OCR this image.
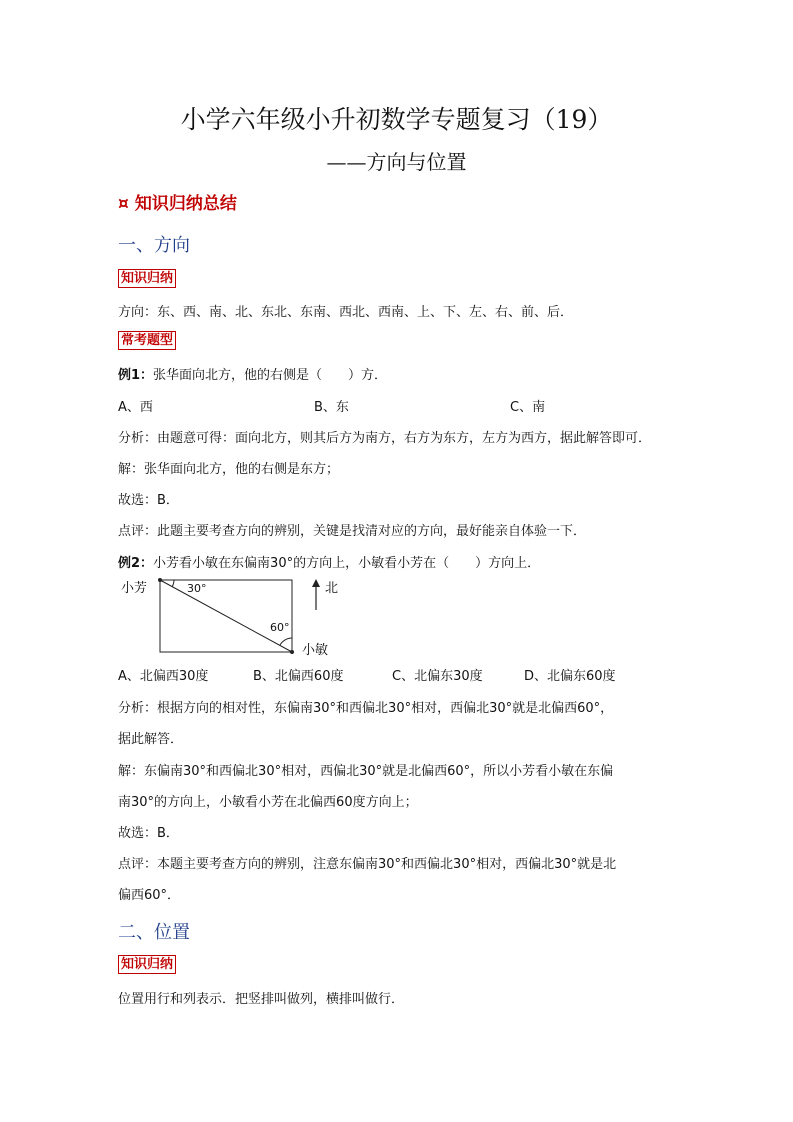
小学六年级小升初数学专题复习（19）
——方向与位置
¤ 知识归纳总结
一、方向
知识归纳
方向：东、西、南、北、东北、东南、西北、西南、上、下、左、右、前、后．
常考题型
例1：张华面向北方，他的右侧是（　　）方．
A、西	B、东	C、南
分析：由题意可得：面向北方，则其后方为南方，右方为东方，左方为西方，据此解答即可．
解：张华面向北方，他的右侧是东方；
故选：B．
点评：此题主要考查方向的辨别，关键是找清对应的方向，最好能亲自体验一下．
例2：小芳看小敏在东偏南30°的方向上，小敏看小芳在（　　）方向上．
小芳	30°
60°
北
小敏
A、北偏西30度	B、北偏西60度	C、北偏东30度	D、北偏东60度
分析：根据方向的相对性，东偏南30°和西偏北30°相对，西偏北30°就是北偏西60°，
据此解答．
解：东偏南30°和西偏北30°相对，西偏北30°就是北偏西60°，所以小芳看小敏在东偏
南30°的方向上，小敏看小芳在北偏西60度方向上；
故选：B．
点评：本题主要考查方向的辨别，注意东偏南30°和西偏北30°相对，西偏北30°就是北
偏西60°．
二、位置
知识归纳
位置用行和列表示．把竖排叫做列，横排叫做行．
